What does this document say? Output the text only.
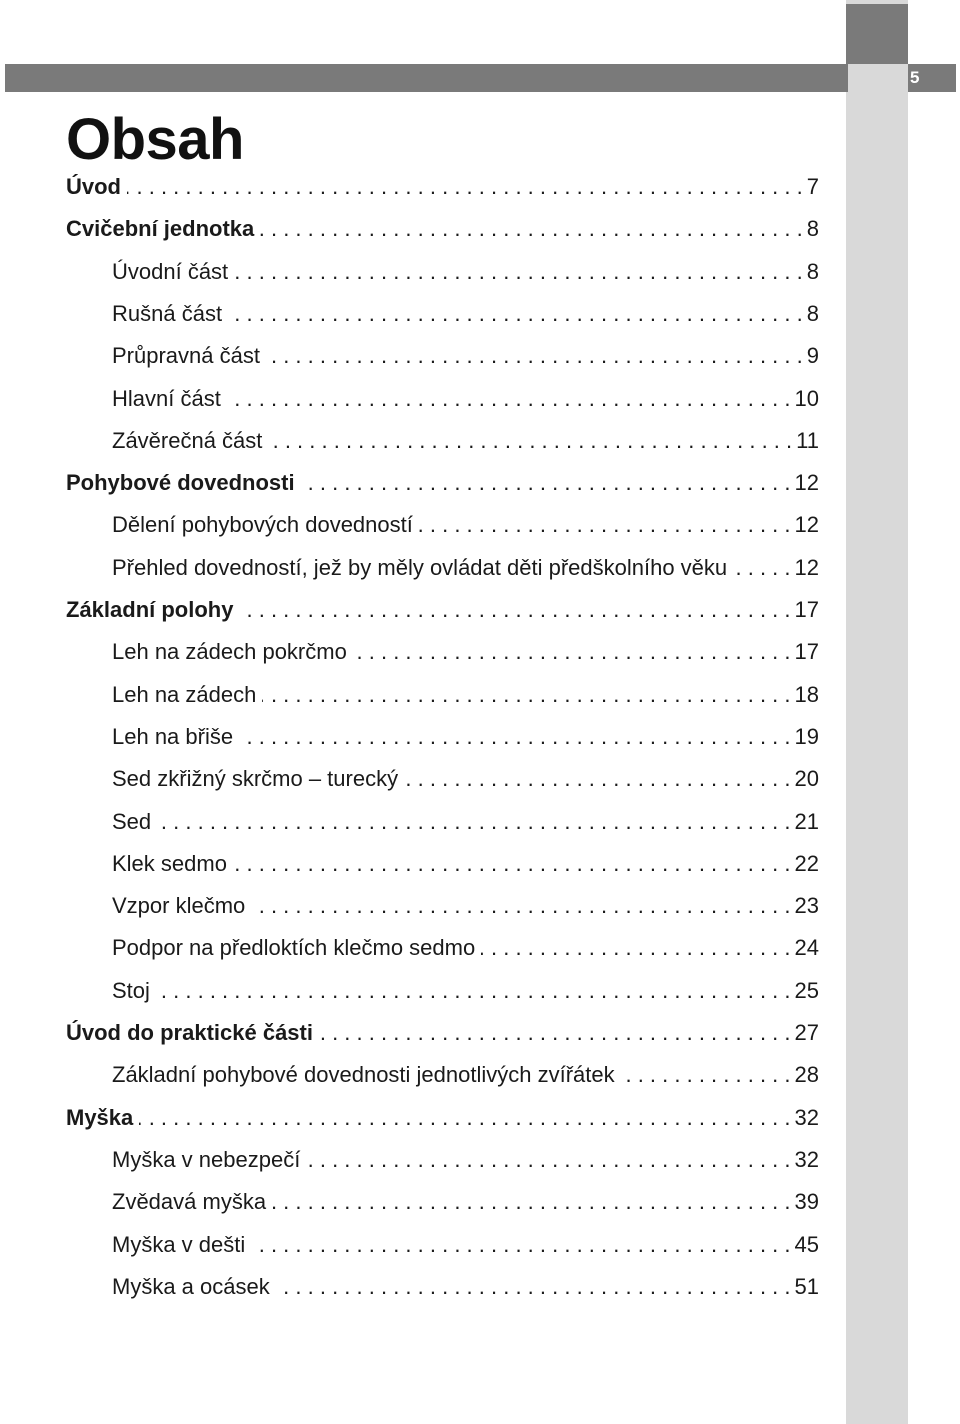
5
Obsah
Úvod . . .	7
Cvičební jednotka . . .	8
Úvodní část . . .	8
Rušná část . . .	8
Průpravná část . . .	9
Hlavní část . . .	10
Závěrečná část . . .	11
Pohybové dovednosti . . .	12
Dělení pohybových dovedností . . .	12
Přehled dovedností, jež by měly ovládat děti předškolního věku . . .	12
Základní polohy . . .	17
Leh na zádech pokrčmo . . .	17
Leh na zádech . . .	18
Leh na břiše . . .	19
Sed zkřižný skrčmo – turecký . . .	20
Sed . . .	21
Klek sedmo . . .	22
Vzpor klečmo . . .	23
Podpor na předloktích klečmo sedmo . . .	24
Stoj . . .	25
Úvod do praktické části . . .	27
Základní pohybové dovednosti jednotlivých zvířátek . . .	28
Myška . . .	32
Myška v nebezpečí . . .	32
Zvědavá myška . . .	39
Myška v dešti . . .	45
Myška a ocásek . . .	51
